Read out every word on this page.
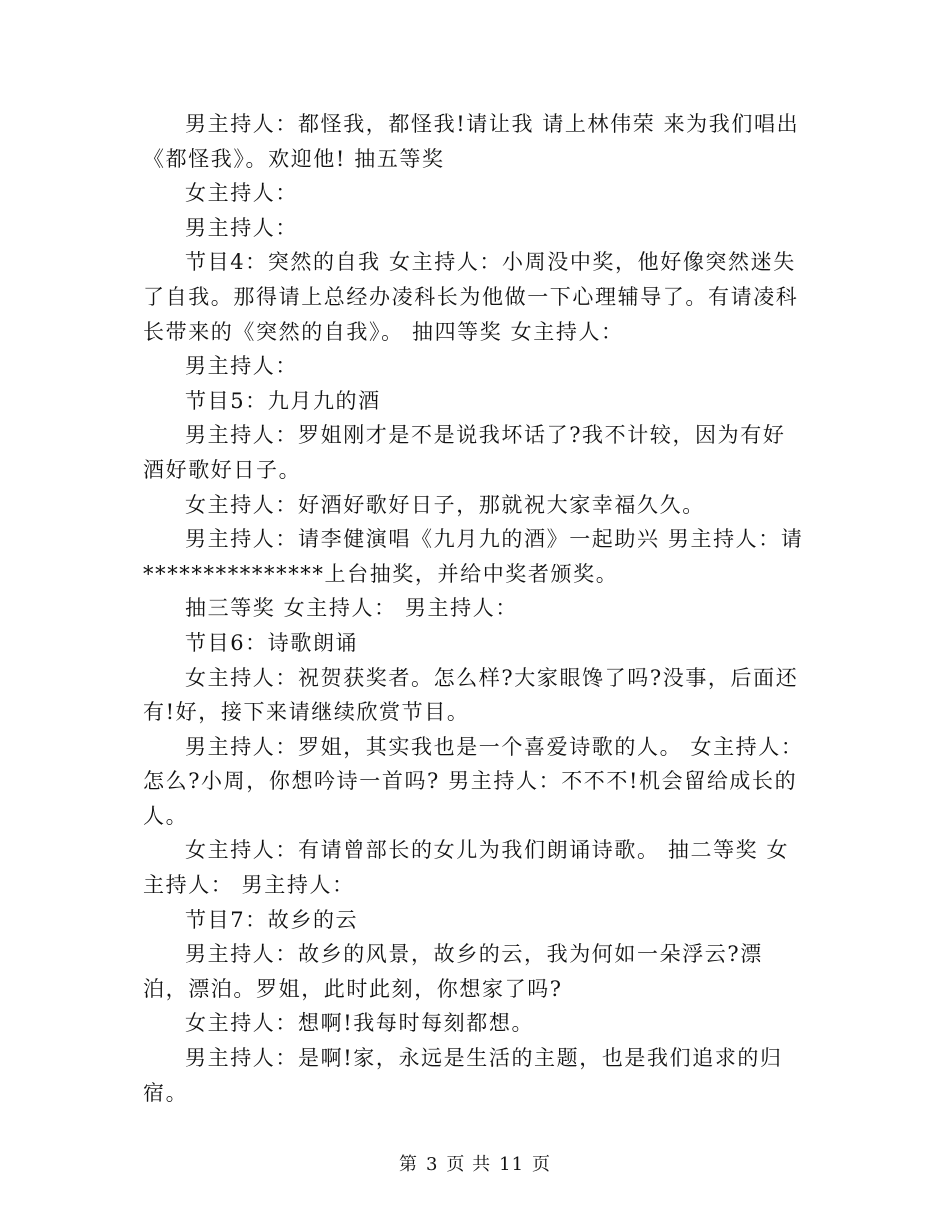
男主持人：都怪我，都怪我!请让我 请上林伟荣 来为我们唱出《都怪我》。欢迎他! 抽五等奖

女主持人：

男主持人：

节目4：突然的自我 女主持人：小周没中奖，他好像突然迷失了自我。那得请上总经办凌科长为他做一下心理辅导了。有请凌科长带来的《突然的自我》。 抽四等奖 女主持人：

男主持人：

节目5：九月九的酒

男主持人：罗姐刚才是不是说我坏话了?我不计较，因为有好酒好歌好日子。

女主持人：好酒好歌好日子，那就祝大家幸福久久。

男主持人：请李健演唱《九月九的酒》一起助兴 男主持人：请***************上台抽奖，并给中奖者颁奖。

抽三等奖 女主持人： 男主持人：

节目6：诗歌朗诵

女主持人：祝贺获奖者。怎么样?大家眼馋了吗?没事，后面还有!好，接下来请继续欣赏节目。

男主持人：罗姐，其实我也是一个喜爱诗歌的人。 女主持人：怎么?小周，你想吟诗一首吗? 男主持人：不不不!机会留给成长的人。

女主持人：有请曾部长的女儿为我们朗诵诗歌。 抽二等奖 女主持人： 男主持人：

节目7：故乡的云

男主持人：故乡的风景，故乡的云，我为何如一朵浮云?漂泊，漂泊。罗姐，此时此刻，你想家了吗?

女主持人：想啊!我每时每刻都想。

男主持人：是啊!家，永远是生活的主题，也是我们追求的归宿。

第 3 页 共 11 页
